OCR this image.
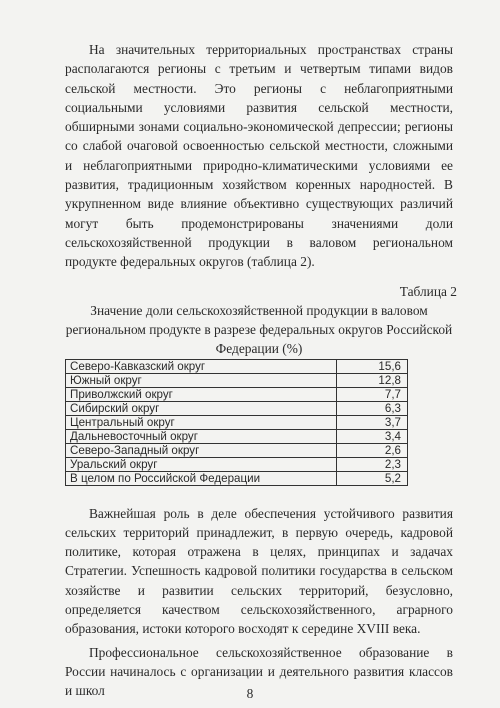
На значительных территориальных пространствах страны располагаются регионы с третьим и четвертым типами видов сельской местности. Это регионы с неблагоприятными социальными условиями развития сельской местности, обширными зонами социально-экономической депрессии; регионы со слабой очаговой освоенностью сельской местности, сложными и неблагоприятными природно-климатическими условиями ее развития, традиционным хозяйством коренных народностей. В укрупненном виде влияние объективно существующих различий могут быть продемонстрированы значениями доли сельскохозяйственной продукции в валовом региональном продукте федеральных округов (таблица 2).

Таблица 2
Значение доли сельскохозяйственной продукции в валовом региональном продукте в разрезе федеральных округов Российской Федерации (%)
Северо-Кавказский округ	15,6
Южный округ	12,8
Приволжский округ	7,7
Сибирский округ	6,3
Центральный округ	3,7
Дальневосточный округ	3,4
Северо-Западный округ	2,6
Уральский округ	2,3
В целом по Российской Федерации	5,2

Важнейшая роль в деле обеспечения устойчивого развития сельских территорий принадлежит, в первую очередь, кадровой политике, которая отражена в целях, принципах и задачах Стратегии. Успешность кадровой политики государства в сельском хозяйстве и развитии сельских территорий, безусловно, определяется качеством сельскохозяйственного, аграрного образования, истоки которого восходят к середине XVIII века.

Профессиональное сельскохозяйственное образование в России начиналось с организации и деятельного развития классов и школ	8
